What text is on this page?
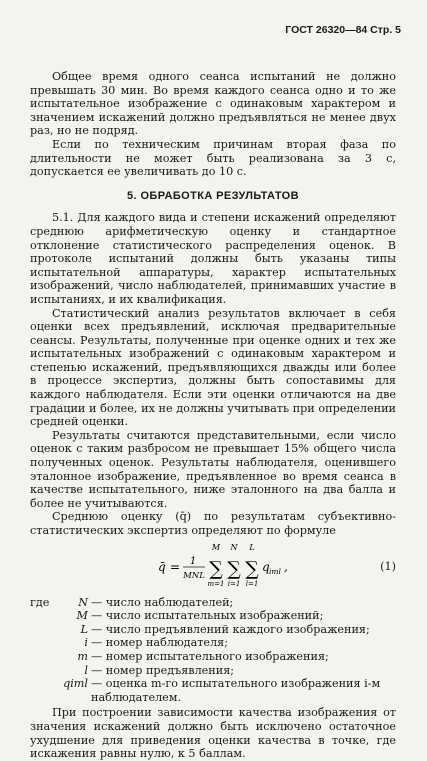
ГОСТ 26320—84 Стр. 5

Общее время одного сеанса испытаний не должно превышать 30 мин. Во время каждого сеанса одно и то же испытательное изображение с одинаковым характером и значением искажений должно предъявляться не менее двух раз, но не подряд.

Если по техническим причинам вторая фаза по длительности не может быть реализована за 3 с, допускается ее увеличивать до 10 с.

5. ОБРАБОТКА РЕЗУЛЬТАТОВ

5.1. Для каждого вида и степени искажений определяют среднюю арифметическую оценку и стандартное отклонение статистического распределения оценок. В протоколе испытаний должны быть указаны типы испытательной аппаратуры, характер испытательных изображений, число наблюдателей, принимавших участие в испытаниях, и их квалификация.

Статистический анализ результатов включает в себя оценки всех предъявлений, исключая предварительные сеансы. Результаты, полученные при оценке одних и тех же испытательных изображений с одинаковым характером и степенью искажений, предъявляющихся дважды или более в процессе экспертиз, должны быть сопоставимы для каждого наблюдателя. Если эти оценки отличаются на две градации и более, их не должны учитывать при определении средней оценки.

Результаты считаются представительными, если число оценок с таким разбросом не превышает 15% общего числа полученных оценок. Результаты наблюдателя, оценившего эталонное изображение, предъявленное во время сеанса в качестве испытательного, ниже эталонного на два балла и более не учитываются.

Среднюю оценку (q̄) по результатам субъективно-статистических экспертиз определяют по формуле

q̄ = 1
MNL
M
∑
m=1
N
∑
i=1
L
∑
l=1
q iml ,	(1)
где	N — число наблюдателей;
M — число испытательных изображений;
L — число предъявлений каждого изображения;
i — номер наблюдателя;
m — номер испытательного изображения;
l — номер предъявления;
qiml — оценка m-го испытательного изображения i-м наблюдателем.

При построении зависимости качества изображения от значения искажений должно быть исключено остаточное ухудшение для приведения оценки качества в точке, где искажения равны нулю, к 5 баллам.
